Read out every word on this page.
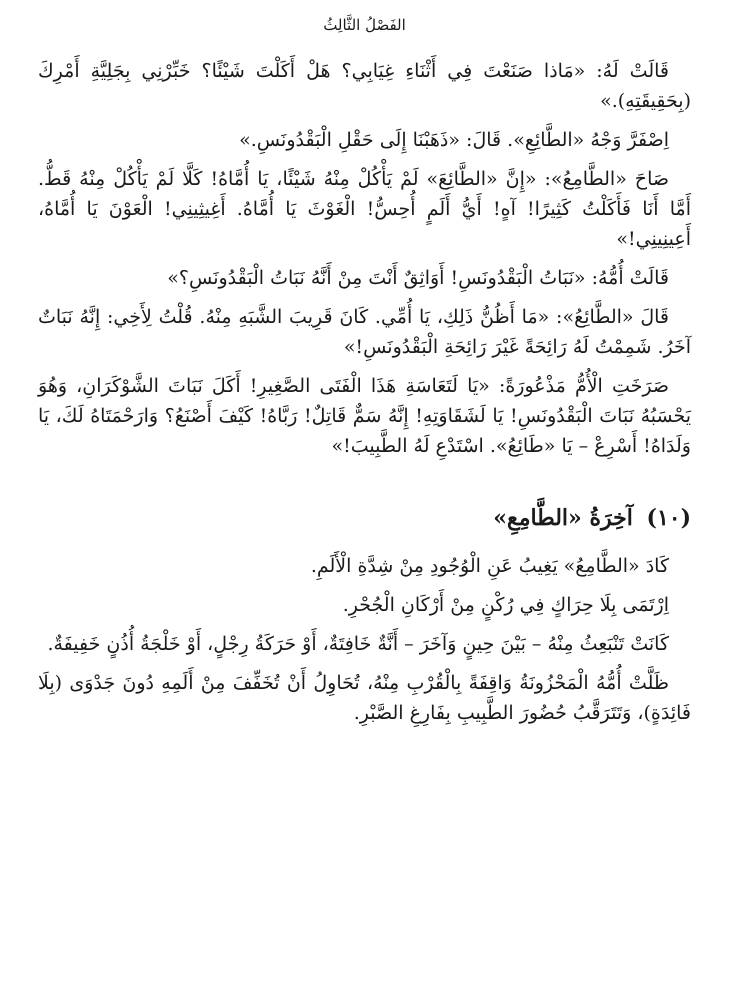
الفَصْلُ الثَّالِثُ

قَالَتْ لَهُ: «مَاذا صَنَعْتَ فِي أَثْنَاءِ غِيَابِي؟ هَلْ أَكَلْتَ شَيْئًا؟ خَبِّرْنِي بِجَلِيَّةِ أَمْرِكَ (بِحَقِيقَتِهِ).»

اِصْفَرَّ وَجْهُ «الطَّائِعِ». قَالَ: «ذَهَبْنَا إِلَى حَقْلِ الْبَقْدُونَسِ.»

صَاحَ «الطَّامِعُ»: «إِنَّ «الطَّائِعَ» لَمْ يَأْكُلْ مِنْهُ شَيْئًا، يَا أُمَّاهُ! كَلَّا لَمْ يَأْكُلْ مِنْهُ قَطُّ. أَمَّا أَنَا فَأَكَلْتُ كَثِيرًا! آهٍ! أَيُّ أَلَمٍ أُحِسُّ! الْغَوْثَ يَا أُمَّاهُ. أَغِيثِينِي! الْعَوْنَ يَا أُمَّاهُ، أَعِينِينِي!»

قَالَتْ أُمُّهُ: «نَبَاتُ الْبَقْدُونَسِ! أَوَاثِقٌ أَنْتَ مِنْ أَنَّهُ نَبَاتُ الْبَقْدُونَسِ؟»

قَالَ «الطَّائِعُ»: «مَا أَظُنُّ ذَلِكِ، يَا أُمِّي. كَانَ قَرِيبَ الشَّبَهِ مِنْهُ. قُلْتُ لِأَخِي: إِنَّهُ نَبَاتٌ آخَرُ. شَمِمْتُ لَهُ رَائِحَةً غَيْرَ رَائِحَةِ الْبَقْدُونَسِ!»

صَرَخَتِ الْأُمُّ مَذْعُورَةً: «يَا لَتَعَاسَةِ هَذَا الْفَتَى الصَّغِيرِ! أَكَلَ نَبَاتَ الشَّوْكَرَانِ، وَهُوَ يَحْسَبُهُ نَبَاتَ الْبَقْدُونَسِ! يَا لَشَقَاوَتِهِ! إِنَّهُ سَمٌّ قَاتِلٌ! رَبَّاهُ! كَيْفَ أَصْنَعُ؟ وَارَحْمَتَاهُ لَكَ، يَا وَلَدَاهُ! أَسْرِعْ – يَا «طَائِعُ». اسْتَدْعِ لَهُ الطَّبِيبَ!»

(١٠) آخِرَةُ «الطَّامِعِ»

كَادَ «الطَّامِعُ» يَغِيبُ عَنِ الْوُجُودِ مِنْ شِدَّةِ الْأَلَمِ.

اِرْتَمَى بِلَا حِرَاكٍ فِي رُكْنٍ مِنْ أَرْكَانِ الْجُحْرِ.

كَانَتْ تَنْبَعِثُ مِنْهُ – بَيْنَ حِينٍ وَآخَرَ – أَنَّةٌ خَافِتَةٌ، أَوْ حَرَكَةُ رِجْلٍ، أَوْ خَلْجَةُ أُذُنٍ خَفِيفَةٌ.

ظَلَّتْ أُمُّهُ الْمَحْزُونَةُ وَاقِفَةً بِالْقُرْبِ مِنْهُ، تُحَاوِلُ أَنْ تُخَفِّفَ مِنْ أَلَمِهِ دُونَ جَدْوَى (بِلَا فَائِدَةٍ)، وَتَتَرَقَّبُ حُضُورَ الطَّبِيبِ بِفَارِغِ الصَّبْرِ.
